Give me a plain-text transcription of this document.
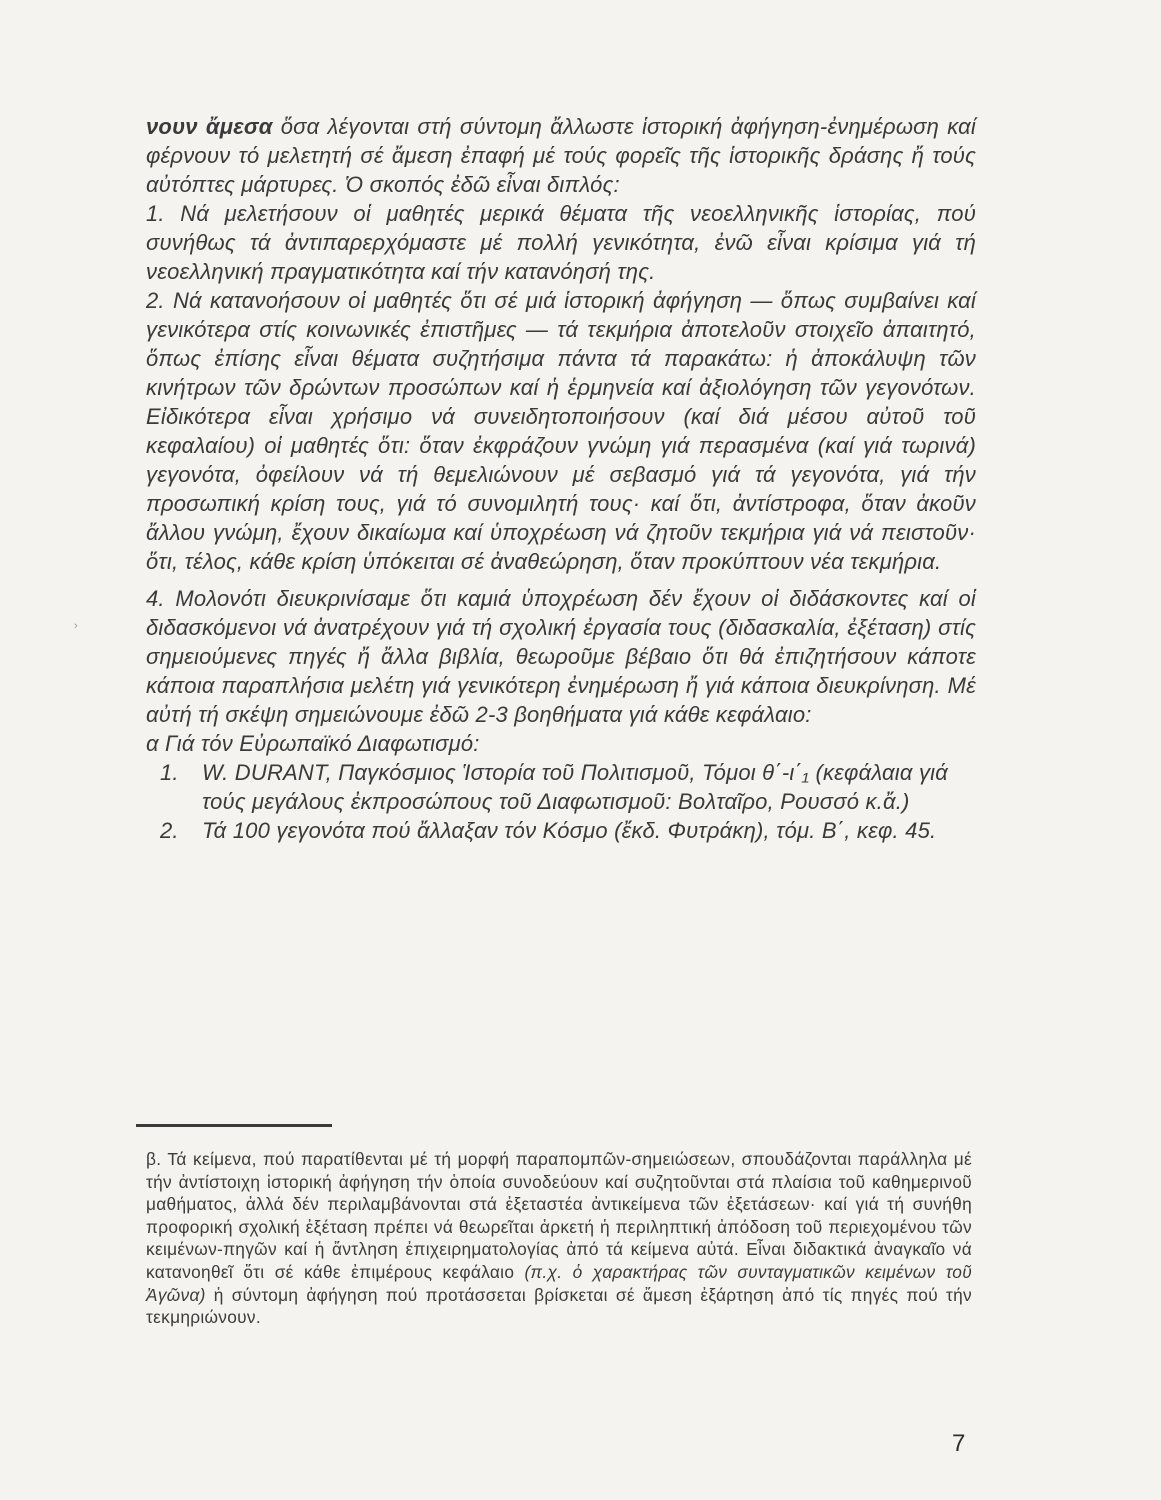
νουν ἄμεσα ὅσα λέγονται στή σύντομη ἄλλωστε ἱστορική ἀφήγηση-ἐνημέρωση καί φέρνουν τό μελετητή σέ ἄμεση ἐπαφή μέ τούς φορεῖς τῆς ἱστορικῆς δράσης ἤ τούς αὐτόπτες μάρτυρες. Ὁ σκοπός ἐδῶ εἶναι διπλός:

1. Νά μελετήσουν οἱ μαθητές μερικά θέματα τῆς νεοελληνικῆς ἱστορίας, πού συνήθως τά ἀντιπαρερχόμαστε μέ πολλή γενικότητα, ἐνῶ εἶναι κρίσιμα γιά τή νεοελληνική πραγματικότητα καί τήν κατανόησή της.

2. Νά κατανοήσουν οἱ μαθητές ὅτι σέ μιά ἱστορική ἀφήγηση — ὅπως συμβαίνει καί γενικότερα στίς κοινωνικές ἐπιστῆμες — τά τεκμήρια ἀποτελοῦν στοιχεῖο ἀπαιτητό, ὅπως ἐπίσης εἶναι θέματα συζητήσιμα πάντα τά παρακάτω: ἡ ἀποκάλυψη τῶν κινήτρων τῶν δρώντων προσώπων καί ἡ ἑρμηνεία καί ἀξιολόγηση τῶν γεγονότων. Εἰδικότερα εἶναι χρήσιμο νά συνειδητοποιήσουν (καί διά μέσου αὐτοῦ τοῦ κεφαλαίου) οἱ μαθητές ὅτι: ὅταν ἐκφράζουν γνώμη γιά περασμένα (καί γιά τωρινά) γεγονότα, ὀφείλουν νά τή θεμελιώνουν μέ σεβασμό γιά τά γεγονότα, γιά τήν προσωπική κρίση τους, γιά τό συνομιλητή τους· καί ὅτι, ἀντίστροφα, ὅταν ἀκοῦν ἄλλου γνώμη, ἔχουν δικαίωμα καί ὑποχρέωση νά ζητοῦν τεκμήρια γιά νά πειστοῦν· ὅτι, τέλος, κάθε κρίση ὑπόκειται σέ ἀναθεώρηση, ὅταν προκύπτουν νέα τεκμήρια.

4. Μολονότι διευκρινίσαμε ὅτι καμιά ὑποχρέωση δέν ἔχουν οἱ διδάσκοντες καί οἱ διδασκόμενοι νά ἀνατρέχουν γιά τή σχολική ἐργασία τους (διδασκαλία, ἐξέταση) στίς σημειούμενες πηγές ἤ ἄλλα βιβλία, θεωροῦμε βέβαιο ὅτι θά ἐπιζητήσουν κάποτε κάποια παραπλήσια μελέτη γιά γενικότερη ἐνημέρωση ἤ γιά κάποια διευκρίνηση. Μέ αὐτή τή σκέψη σημειώνουμε ἐδῶ 2-3 βοηθήματα γιά κάθε κεφάλαιο:

α Γιά τόν Εὐρωπαϊκό Διαφωτισμό:

1.	W. DURANT, Παγκόσμιος Ἱστορία τοῦ Πολιτισμοῦ, Τόμοι θ΄-ι΄₁ (κεφάλαια γιά τούς μεγάλους ἐκπροσώπους τοῦ Διαφωτισμοῦ: Βολταῖρο, Ρουσσό κ.ἄ.)
2.	Τά 100 γεγονότα πού ἄλλαξαν τόν Κόσμο (ἔκδ. Φυτράκη), τόμ. Β΄, κεφ. 45.

β. Τά κείμενα, πού παρατίθενται μέ τή μορφή παραπομπῶν-σημειώσεων, σπουδάζονται παράλληλα μέ τήν ἀντίστοιχη ἱστορική ἀφήγηση τήν ὁποία συνοδεύουν καί συζητοῦνται στά πλαίσια τοῦ καθημερινοῦ μαθήματος, ἀλλά δέν περιλαμβάνονται στά ἐξεταστέα ἀντικείμενα τῶν ἐξετάσεων· καί γιά τή συνήθη προφορική σχολική ἐξέταση πρέπει νά θεωρεῖται ἀρκετή ἡ περιληπτική ἀπόδοση τοῦ περιεχομένου τῶν κειμένων-πηγῶν καί ἡ ἄντληση ἐπιχειρηματολογίας ἀπό τά κείμενα αὐτά. Εἶναι διδακτικά ἀναγκαῖο νά κατανοηθεῖ ὅτι σέ κάθε ἐπιμέρους κεφάλαιο (π.χ. ὁ χαρακτήρας τῶν συνταγματικῶν κειμένων τοῦ Ἀγῶνα) ἡ σύντομη ἀφήγηση πού προτάσσεται βρίσκεται σέ ἄμεση ἐξάρτηση ἀπό τίς πηγές πού τήν τεκμηριώνουν.

›
7
